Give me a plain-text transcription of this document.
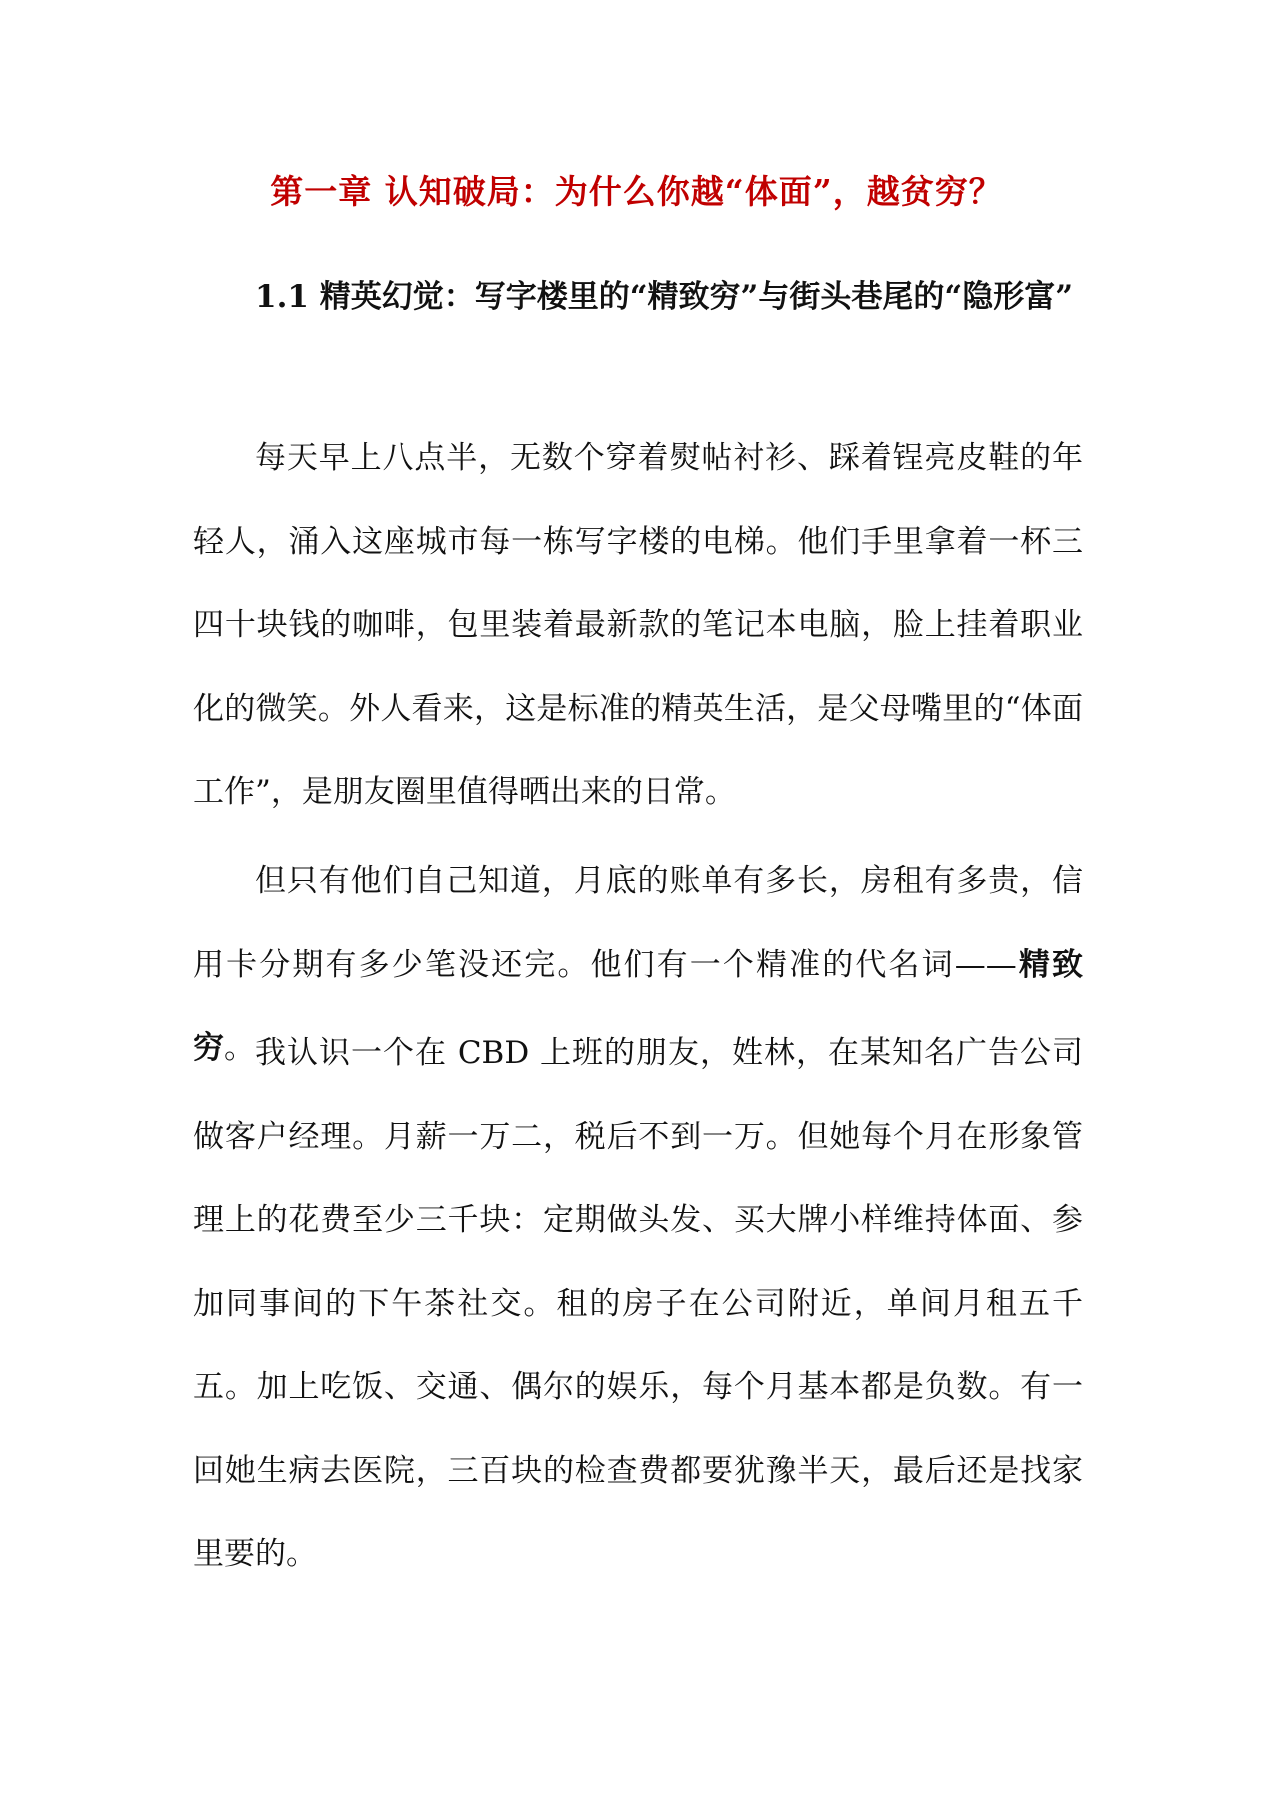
第一章 认知破局：为什么你越“体面”，越贫穷？
1.1 精英幻觉：写字楼里的“精致穷”与街头巷尾的“隐形富”

每天早上八点半，无数个穿着熨帖衬衫、踩着锃亮皮鞋的年轻人，涌入这座城市每一栋写字楼的电梯。他们手里拿着一杯三四十块钱的咖啡，包里装着最新款的笔记本电脑，脸上挂着职业化的微笑。外人看来，这是标准的精英生活，是父母嘴里的“体面工作”，是朋友圈里值得晒出来的日常。

但只有他们自己知道，月底的账单有多长，房租有多贵，信用卡分期有多少笔没还完。他们有一个精准的代名词——精致穷。 我认识一个在 CBD 上班的朋友，姓林，在某知名广告公司做客户经理。月薪一万二，税后不到一万。但她每个月在形象管理上的花费至少三千块：定期做头发、买大牌小样维持体面、参加同事间的下午茶社交。租的房子在公司附近，单间月租五千五。加上吃饭、交通、偶尔的娱乐，每个月基本都是负数。有一回她生病去医院，三百块的检查费都要犹豫半天，最后还是找家里要的。
